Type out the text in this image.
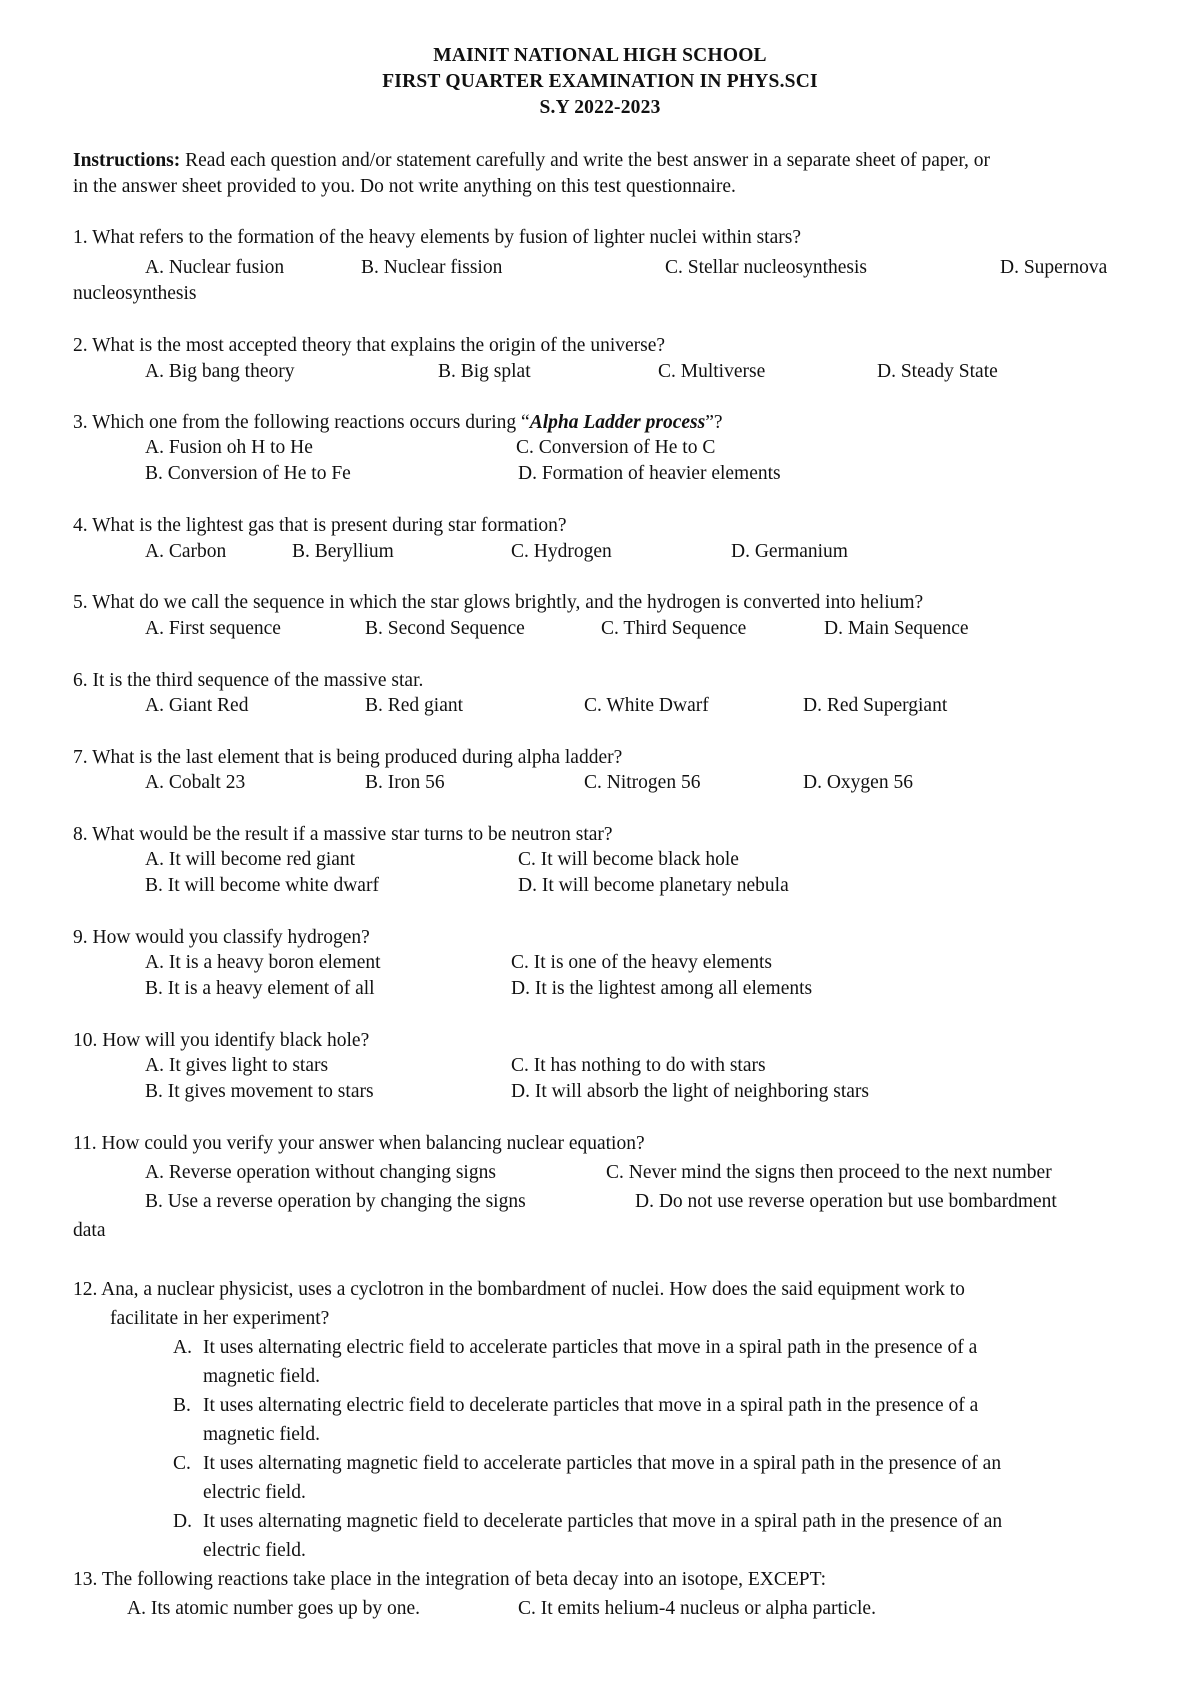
MAINIT NATIONAL HIGH SCHOOL
FIRST QUARTER EXAMINATION IN PHYS.SCI
S.Y 2022-2023
Instructions: Read each question and/or statement carefully and write the best answer in a separate sheet of paper, or
in the answer sheet provided to you. Do not write anything on this test questionnaire.
1. What refers to the formation of the heavy elements by fusion of lighter nuclei within stars?
A. Nuclear fusion	B. Nuclear fission	C. Stellar nucleosynthesis	D. Supernova
nucleosynthesis
2. What is the most accepted theory that explains the origin of the universe?
A. Big bang theory	B. Big splat	C. Multiverse	D. Steady State
3. Which one from the following reactions occurs during “Alpha Ladder process”?
A. Fusion oh H to He	C. Conversion of He to C
B. Conversion of He to Fe	D. Formation of heavier elements
4. What is the lightest gas that is present during star formation?
A. Carbon	B. Beryllium	C. Hydrogen	D. Germanium
5. What do we call the sequence in which the star glows brightly, and the hydrogen is converted into helium?
A. First sequence	B. Second Sequence	C. Third Sequence	D. Main Sequence
6. It is the third sequence of the massive star.
A. Giant Red	B. Red giant	C. White Dwarf	D. Red Supergiant
7. What is the last element that is being produced during alpha ladder?
A. Cobalt 23	B. Iron 56	C. Nitrogen 56	D. Oxygen 56
8. What would be the result if a massive star turns to be neutron star?
A. It will become red giant	C. It will become black hole
B. It will become white dwarf	D. It will become planetary nebula
9. How would you classify hydrogen?
A. It is a heavy boron element	C. It is one of the heavy elements
B. It is a heavy element of all	D. It is the lightest among all elements
10. How will you identify black hole?
A. It gives light to stars	C. It has nothing to do with stars
B. It gives movement to stars	D. It will absorb the light of neighboring stars
11. How could you verify your answer when balancing nuclear equation?
A. Reverse operation without changing signs	C. Never mind the signs then proceed to the next number
B. Use a reverse operation by changing the signs	D. Do not use reverse operation but use bombardment
data
12. Ana, a nuclear physicist, uses a cyclotron in the bombardment of nuclei. How does the said equipment work to
facilitate in her experiment?
A. It uses alternating electric field to accelerate particles that move in a spiral path in the presence of a
magnetic field.
B. It uses alternating electric field to decelerate particles that move in a spiral path in the presence of a
magnetic field.
C. It uses alternating magnetic field to accelerate particles that move in a spiral path in the presence of an
electric field.
D. It uses alternating magnetic field to decelerate particles that move in a spiral path in the presence of an
electric field.
13. The following reactions take place in the integration of beta decay into an isotope, EXCEPT:
A. Its atomic number goes up by one.	C. It emits helium-4 nucleus or alpha particle.
